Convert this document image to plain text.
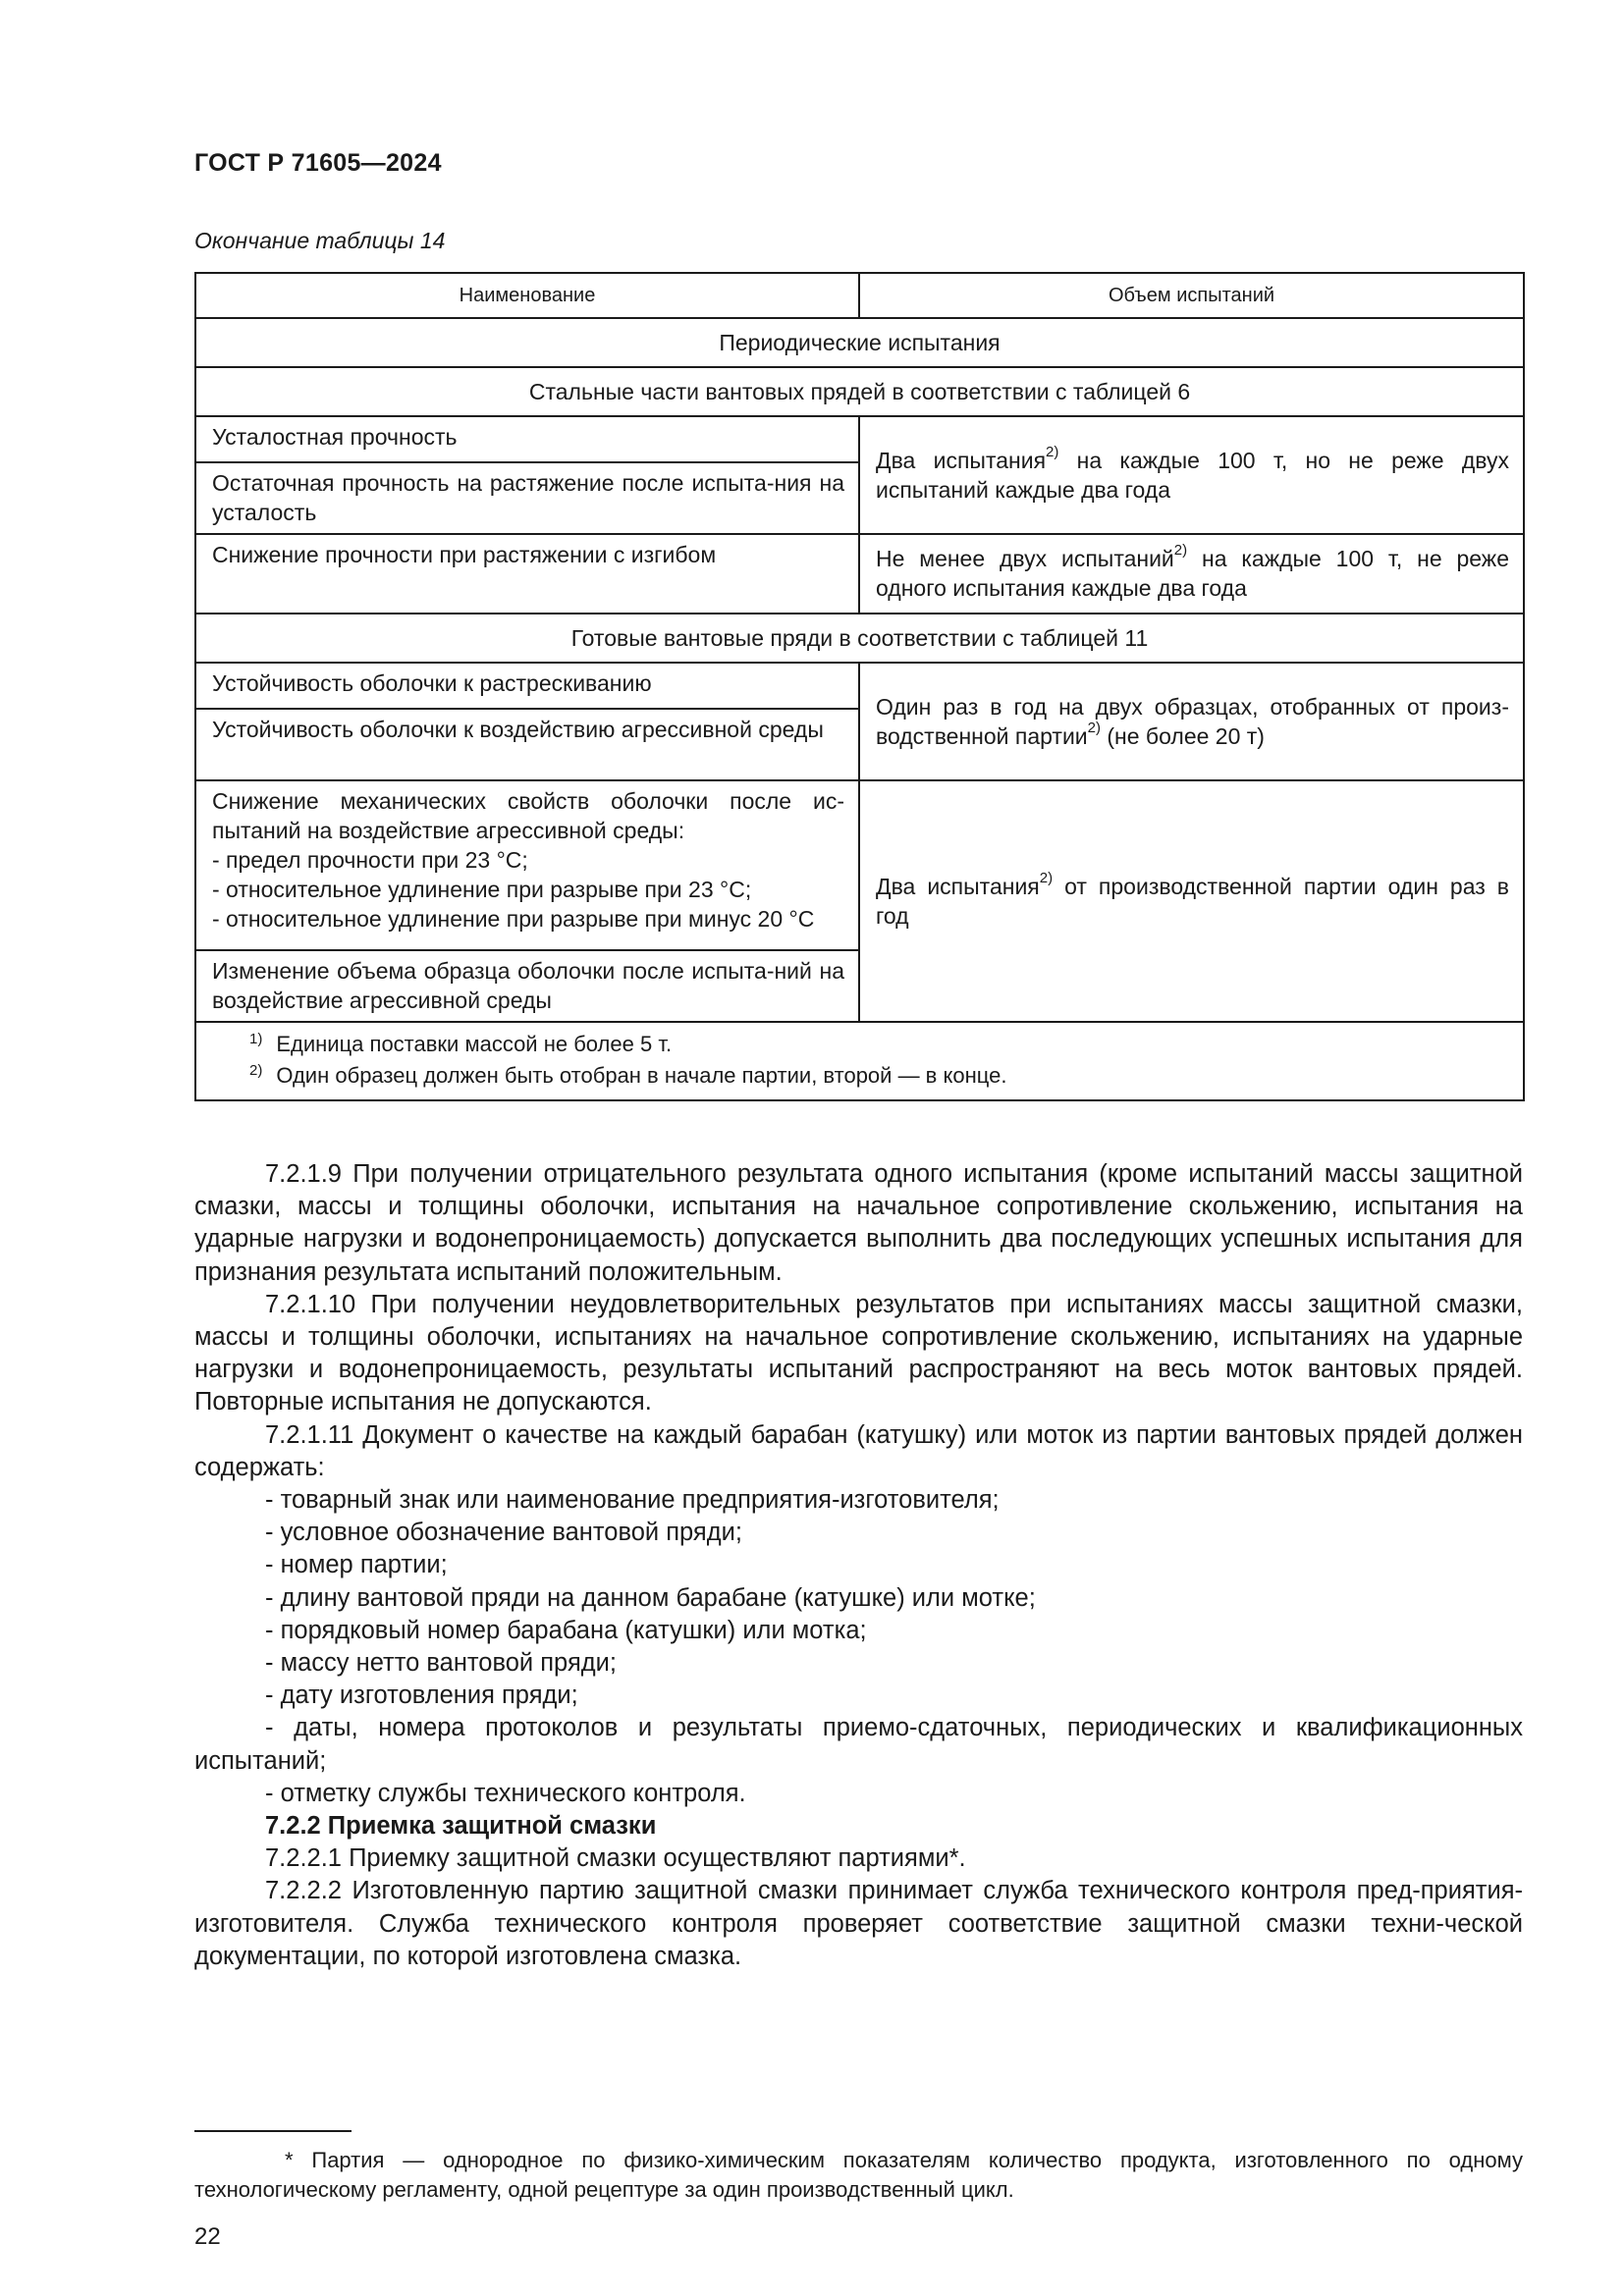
ГОСТ Р 71605—2024
Окончание таблицы 14
Наименование	Объем испытаний
Периодические испытания	
Стальные части вантовых прядей в соответствии с таблицей 6	
Усталостная прочность	Два испытания$^{2)}$ на каждые 100 т, но не реже двух испытаний каждые два года
Остаточная прочность на растяжение после испыта-ния на усталость	
Снижение прочности при растяжении с изгибом	Не менее двух испытаний$^{2)}$ на каждые 100 т, не реже одного испытания каждые два года
Готовые вантовые пряди в соответствии с таблицей 11	
Устойчивость оболочки к растрескиванию	Один раз в год на двух образцах, отобранных от произ-водственной партии$^{2)}$ (не более 20 т)
Устойчивость оболочки к воздействию агрессивной среды	

Снижение механических свойств оболочки после ис-пытаний на воздействие агрессивной среды:
- предел прочности при 23 °С;
- относительное удлинение при разрыве при 23 °С;
- относительное удлинение при разрыве при минус 20 °С	Два испытания$^{2)}$ от производственной партии один раз в год
Изменение объема образца оболочки после испыта-ний на воздействие агрессивной среды	

$^{1)}$ Единица поставки массой не более 5 т.
$^{2)}$ Один образец должен быть отобран в начале партии, второй — в конце.	

7.2.1.9 При получении отрицательного результата одного испытания (кроме испытаний массы защитной смазки, массы и толщины оболочки, испытания на начальное сопротивление скольжению, испытания на ударные нагрузки и водонепроницаемость) допускается выполнить два последующих успешных испытания для признания результата испытаний положительным.

7.2.1.10 При получении неудовлетворительных результатов при испытаниях массы защитной смазки, массы и толщины оболочки, испытаниях на начальное сопротивление скольжению, испытаниях на ударные нагрузки и водонепроницаемость, результаты испытаний распространяют на весь моток вантовых прядей. Повторные испытания не допускаются.

7.2.1.11 Документ о качестве на каждый барабан (катушку) или моток из партии вантовых прядей должен содержать:

- товарный знак или наименование предприятия-изготовителя;

- условное обозначение вантовой пряди;

- номер партии;

- длину вантовой пряди на данном барабане (катушке) или мотке;

- порядковый номер барабана (катушки) или мотка;

- массу нетто вантовой пряди;

- дату изготовления пряди;

- даты, номера протоколов и результаты приемо-сдаточных, периодических и квалификационных испытаний;

- отметку службы технического контроля.

7.2.2 Приемка защитной смазки

7.2.2.1 Приемку защитной смазки осуществляют партиями*.

7.2.2.2 Изготовленную партию защитной смазки принимает служба технического контроля пред-приятия-изготовителя. Служба технического контроля проверяет соответствие защитной смазки техни-ческой документации, по которой изготовлена смазка.

* Партия — однородное по физико-химическим показателям количество продукта, изготовленного по одному технологическому регламенту, одной рецептуре за один производственный цикл.
22
